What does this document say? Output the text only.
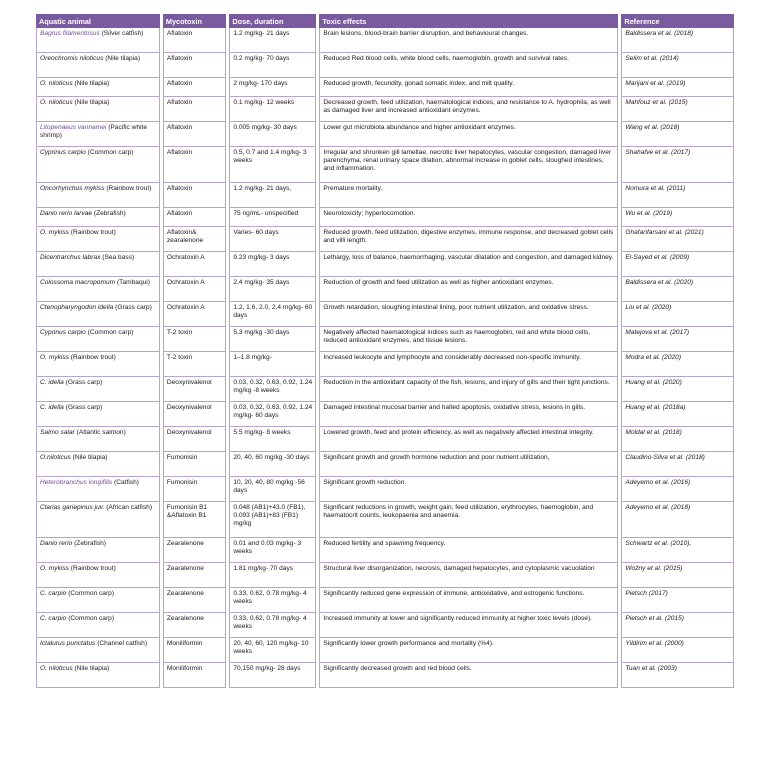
Aquatic animal	Mycotoxin	Dose, duration	Toxic effects	Reference
Bagrus filamentosus (Silver catfish)	Aflatoxin	1.2 mg/kg- 21 days	Brain lesions, blood-brain barrier disruption, and behavioural changes.	Baldissera et al. (2018)
Oreochromis niloticus (Nile tilapia)	Aflatoxin	0.2 mg/kg- 70 days	Reduced Red blood cells, white blood cells, haemoglobin, growth and survival rates.	Selim et al. (2014)
O. niloticus (Nile tilapia)	Aflatoxin	2 mg/kg- 170 days	Reduced growth, fecundity, gonad somatic index, and milt quality.	Marijani et al. (2019)
O. niloticus (Nile tilapia)	Aflatoxin	0.1 mg/kg- 12 weeks	Decreased growth, feed utilization, haematological indices, and resistance to A. hydrophila, as well as damaged liver and increased antioxidant enzymes.	Mahfouz et al. (2015)
Litopenaeus vannamei (Pacific white shrimp)	Aflatoxin	0.005 mg/kg- 30 days	Lower gut microbiota abundance and higher antioxidant enzymes.	Wang et al. (2018)
Cyprinus carpio (Common carp)	Aflatoxin	0.5, 0.7 and 1.4 mg/kg- 3 weeks	Irregular and shrunken gill lamellae, necrotic liver hepatocytes, vascular congestion, damaged liver parenchyma, renal urinary space dilation, abnormal increase in goblet cells, sloughed intestines, and inflammation.	Shahafve et al. (2017)
Oncorhynchus mykiss (Rainbow trout)	Aflatoxin	1.2 mg/kg- 21 days,	Premature mortality.	Nomura et al. (2011)
Danio rerio larvae (Zebrafish)	Aflatoxin	75 ng/mL- unspecified	Neurotoxicity; hyperlocomotion.	Wu et al. (2019)
O. mykiss (Rainbow trout)	Aflatoxin& zearalenone	Varies- 60 days	Reduced growth, feed utilization, digestive enzymes, immune response, and decreased goblet cells and villi length.	Ghafarifarsani et al. (2021)
Dicentrarchus labrax (Sea bass)	Ochratoxin A	9.23 mg/kg- 3 days	Lethargy, loss of balance, haemorrhaging, vascular dilatation and congestion, and damaged kidney.	El-Sayed et al. (2009)
Colossoma macropomum (Tambaqui)	Ochratoxin A	2.4 mg/kg- 35 days	Reduction of growth and feed utilization as well as higher antioxidant enzymes.	Baldissera et al. (2020)
Ctenopharyngodon idella (Grass carp)	Ochratoxin A	1.2, 1.6, 2.0, 2.4 mg/kg- 60 days	Growth retardation, sloughing intestinal lining, poor nutrient utilization, and oxidative stress.	Liu et al. (2020)
Cyprinus carpio (Common carp)	T-2 toxin	5.3 mg/kg -30 days	Negatively affected haematological indices such as haemoglobin, red and white blood cells, reduced antioxidant enzymes, and tissue lesions.	Matejova et al. (2017)
O. mykiss (Rainbow trout)	T-2 toxin	1–1.8 mg/kg-	Increased leukocyte and lymphocyte and considerably decreased non-specific immunity.	Modra et al. (2020)
C. idella (Grass carp)	Deoxynivalenol	0.03, 0.32, 0.63, 0.92, 1.24 mg/kg -8 weeks	Reduction in the antioxidant capacity of the fish, lesions, and injury of gills and their tight junctions.	Huang et al. (2020)
C. idella (Grass carp)	Deoxynivalenol	0.03, 0.32, 0.63, 0.92, 1.24 mg/kg- 60 days	Damaged intestinal mucosal barrier and halted apoptosis, oxidative stress, lesions in gills.	Huang et al. (2018a)
Salmo salar (Atlantic salmon)	Deoxynivalenol	5.5 mg/kg- 8 weeks	Lowered growth, feed and protein efficiency, as well as negatively affected intestinal integrity.	Moldal et al. (2018)
O.niloticus (Nile tilapia)	Fumonisin	20, 40, 60 mg/kg -30 days	Significant growth and growth hormone reduction and poor nutrient utilization,	Claudino-Silva et al. (2018)
Heterobranchus longifilis (Catfish)	Fumonisin	10, 20, 40, 80 mg/kg -56 days	Significant growth reduction.	Adeyemo et al. (2016)
Clarias gariepinus juv. (African catfish)	Fumonisin B1 &Aflatoxin B1	0.048 (AB1)+43.0 (FB1), 0.093 (AB1)+83 (FB1) mg/kg	Significant reductions in growth, weight gain, feed utilization, erythrocytes, haemoglobin, and haematocrit counts, leukopaenia and anaemia.	Adeyemo et al. (2018)
Danio rerio (Zebrafish)	Zearalenone	0.01 and 0.03 mg/kg- 3 weeks	Reduced fertility and spawning frequency.	Schwartz et al. (2010),
O. mykiss (Rainbow trout)	Zearalenone	1.81 mg/kg- 70 days	Structural liver disorganization, necrosis, damaged hepatocytes, and cytoplasmic vacuolation	Woźny et al. (2015)
C. carpio (Common carp)	Zearalenone	0.33, 0.62, 0.78 mg/kg- 4 weeks	Significantly reduced gene expression of immune, antioxidative, and estrogenic functions.	Pietsch (2017)
C. carpio (Common carp)	Zearalenone	0.33, 0.62, 0.78 mg/kg- 4 weeks	Increased immunity at lower and significantly reduced immunity at higher toxic levels (dose).	Pietsch et al. (2015)
Ictalurus punctatus (Channel catfish)	Moniliformin	20, 40, 60, 120 mg/kg- 10 weeks	Significantly lower growth performance and mortality (%4).	Yildirim et al. (2000)
O. niloticus (Nile tilapia)	Moniliformin	70,150 mg/kg- 28 days	Significantly decreased growth and red blood cells.	Tuan et al. (2003)
